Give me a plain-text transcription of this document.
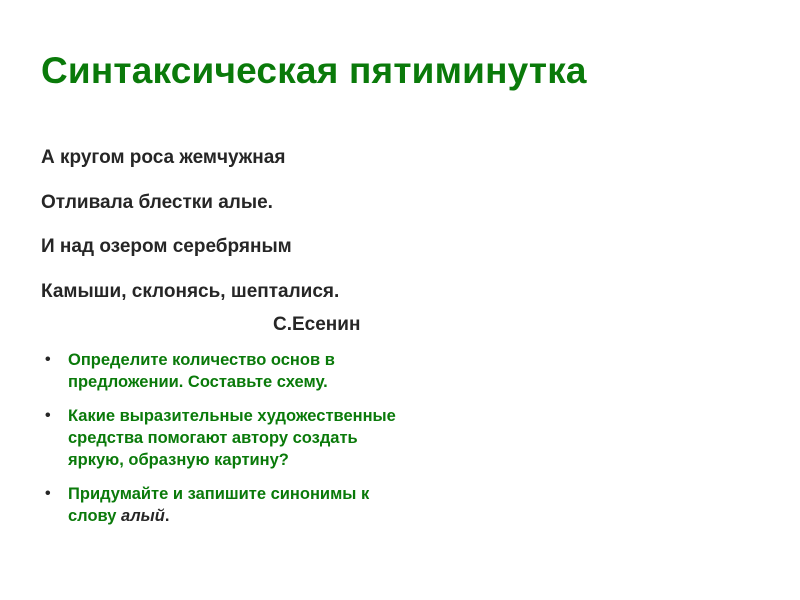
Синтаксическая пятиминутка
А кругом роса жемчужная
Отливала блестки алые.
И над озером серебряным
Камыши, склонясь, шепталися.
С.Есенин
• Определите количество основ в
предложении. Составьте схему.
• Какие выразительные художественные
средства помогают автору создать
яркую, образную картину?
• Придумайте и запишите синонимы к
слову алый.
